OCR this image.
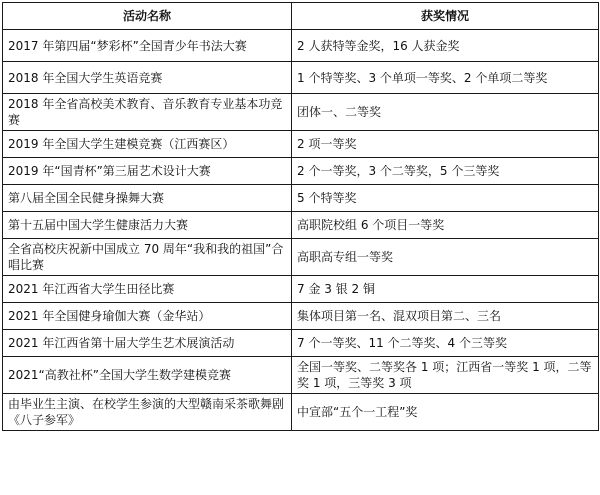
活动名称	获奖情况
2017 年第四届“梦彩杯”全国青少年书法大赛	2 人获特等金奖，16 人获金奖
2018 年全国大学生英语竞赛	1 个特等奖、3 个单项一等奖、2 个单项二等奖
2018 年全省高校美术教育、音乐教育专业基本功竞赛	团体一、二等奖
2019 年全国大学生建模竞赛（江西赛区）	2 项一等奖
2019 年“国青杯”第三届艺术设计大赛	2 个一等奖，3 个二等奖，5 个三等奖
第八届全国全民健身操舞大赛	5 个特等奖
第十五届中国大学生健康活力大赛	高职院校组 6 个项目一等奖
全省高校庆祝新中国成立 70 周年“我和我的祖国”合唱比赛	高职高专组一等奖
2021 年江西省大学生田径比赛	7 金 3 银 2 铜
2021 年全国健身瑜伽大赛（金华站）	集体项目第一名、混双项目第二、三名
2021 年江西省第十届大学生艺术展演活动	7 个一等奖、11 个二等奖、4 个三等奖
2021“高教社杯”全国大学生数学建模竞赛	全国一等奖、二等奖各 1 项；江西省一等奖 1 项，二等奖 1 项，三等奖 3 项
由毕业生主演、在校学生参演的大型赣南采茶歌舞剧《八子参军》	中宣部“五个一工程”奖
